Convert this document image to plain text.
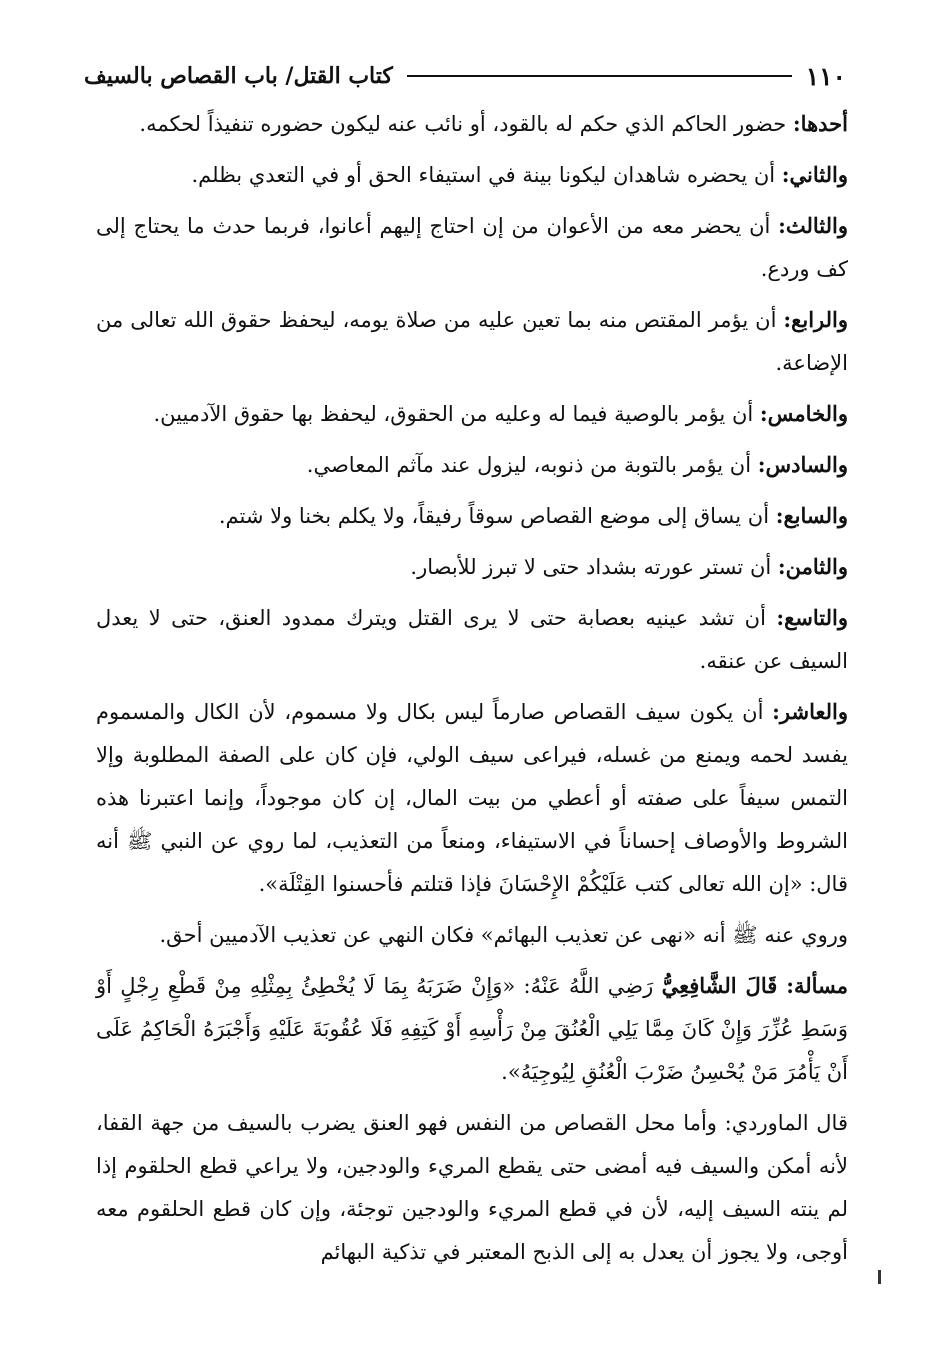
١١٠
كتاب القتل/ باب القصاص بالسيف

أحدها: حضور الحاكم الذي حكم له بالقود، أو نائب عنه ليكون حضوره تنفيذاً لحكمه.

والثاني: أن يحضره شاهدان ليكونا بينة في استيفاء الحق أو في التعدي بظلم.

والثالث: أن يحضر معه من الأعوان من إن احتاج إليهم أعانوا، فربما حدث ما يحتاج إلى كف وردع.

والرابع: أن يؤمر المقتص منه بما تعين عليه من صلاة يومه، ليحفظ حقوق الله تعالى من الإضاعة.

والخامس: أن يؤمر بالوصية فيما له وعليه من الحقوق، ليحفظ بها حقوق الآدميين.

والسادس: أن يؤمر بالتوبة من ذنوبه، ليزول عند مآثم المعاصي.

والسابع: أن يساق إلى موضع القصاص سوقاً رفيقاً، ولا يكلم بخنا ولا شتم.

والثامن: أن تستر عورته بشداد حتى لا تبرز للأبصار.

والتاسع: أن تشد عينيه بعصابة حتى لا يرى القتل ويترك ممدود العنق، حتى لا يعدل السيف عن عنقه.

والعاشر: أن يكون سيف القصاص صارماً ليس بكال ولا مسموم، لأن الكال والمسموم يفسد لحمه ويمنع من غسله، فيراعى سيف الولي، فإن كان على الصفة المطلوبة وإلا التمس سيفاً على صفته أو أعطي من بيت المال، إن كان موجوداً، وإنما اعتبرنا هذه الشروط والأوصاف إحساناً في الاستيفاء، ومنعاً من التعذيب، لما روي عن النبي ﷺ أنه قال: «إن الله تعالى كتب عَلَيْكُمْ الإِحْسَانَ فإذا قتلتم فأحسنوا القِتْلَة».

وروي عنه ﷺ أنه «نهى عن تعذيب البهائم» فكان النهي عن تعذيب الآدميين أحق.

مسألة: قَالَ الشَّافِعِيُّ رَضِي اللَّهُ عَنْهُ: «وَإِنْ ضَرَبَهُ بِمَا لَا يُخْطِئُ بِمِثْلِهِ مِنْ قَطْعِ رِجْلٍ أَوْ وَسَطِ عُزِّرَ وَإِنْ كَانَ مِمَّا يَلِي الْعُنُقَ مِنْ رَأْسِهِ أَوْ كَتِفِهِ فَلَا عُقُوبَةَ عَلَيْهِ وَأَجْبَرَهُ الْحَاكِمُ عَلَى أَنْ يَأْمُرَ مَنْ يُحْسِنُ ضَرْبَ الْعُنُقِ لِيُوجِيَهُ».

قال الماوردي: وأما محل القصاص من النفس فهو العنق يضرب بالسيف من جهة القفا، لأنه أمكن والسيف فيه أمضى حتى يقطع المريء والودجين، ولا يراعي قطع الحلقوم إذا لم ينته السيف إليه، لأن في قطع المريء والودجين توجئة، وإن كان قطع الحلقوم معه أوجى، ولا يجوز أن يعدل به إلى الذبح المعتبر في تذكية البهائم
